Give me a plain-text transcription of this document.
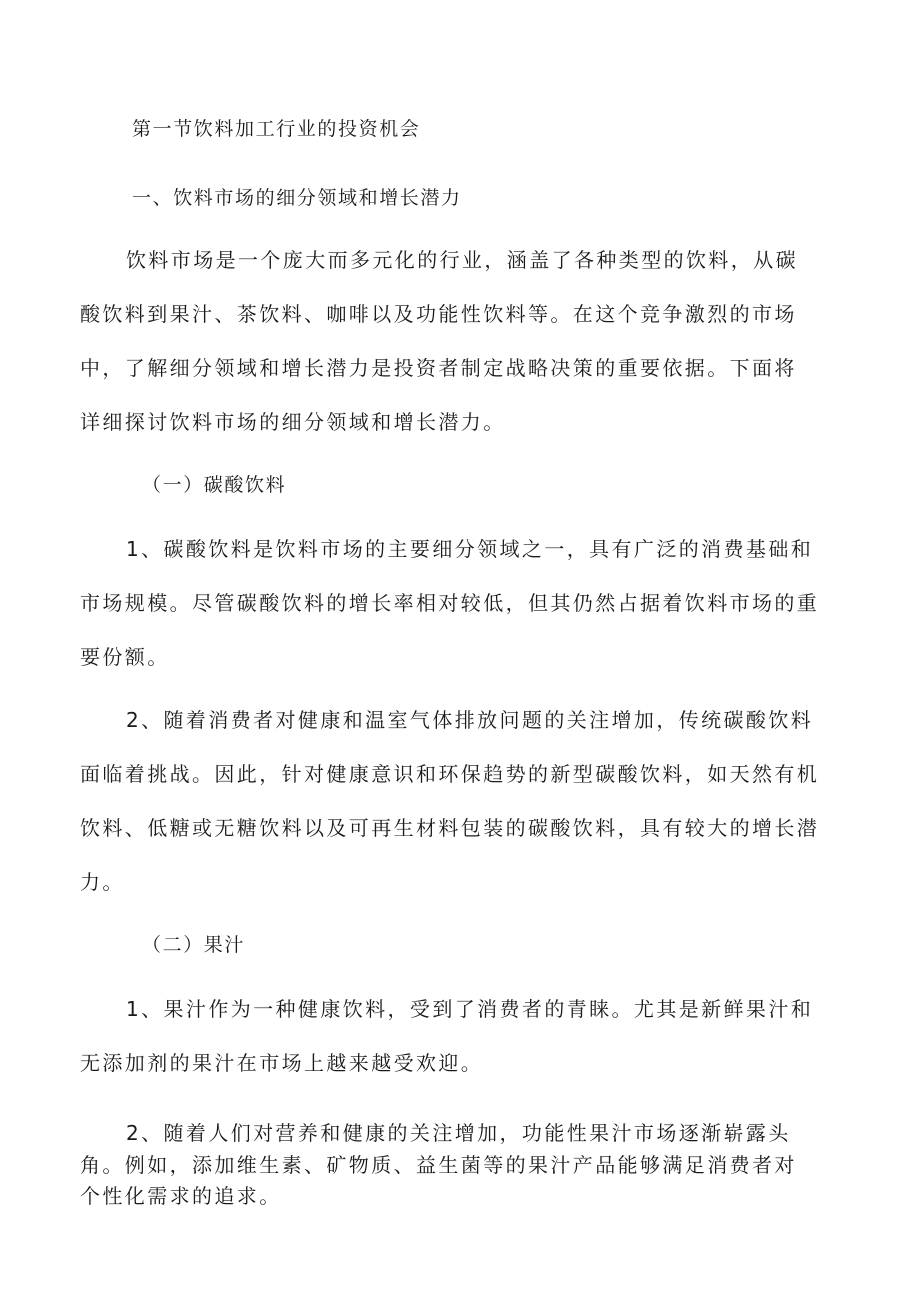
第一节饮料加工行业的投资机会
一、饮料市场的细分领域和增长潜力
饮料市场是一个庞大而多元化的行业，涵盖了各种类型的饮料，从碳
酸饮料到果汁、茶饮料、咖啡以及功能性饮料等。在这个竞争激烈的市场
中，了解细分领域和增长潜力是投资者制定战略决策的重要依据。下面将
详细探讨饮料市场的细分领域和增长潜力。
（一）碳酸饮料
1、碳酸饮料是饮料市场的主要细分领域之一，具有广泛的消费基础和
市场规模。尽管碳酸饮料的增长率相对较低，但其仍然占据着饮料市场的重
要份额。
2、随着消费者对健康和温室气体排放问题的关注增加，传统碳酸饮料
面临着挑战。因此，针对健康意识和环保趋势的新型碳酸饮料，如天然有机
饮料、低糖或无糖饮料以及可再生材料包装的碳酸饮料，具有较大的增长潜
力。
（二）果汁
1、果汁作为一种健康饮料，受到了消费者的青睐。尤其是新鲜果汁和
无添加剂的果汁在市场上越来越受欢迎。
2、随着人们对营养和健康的关注增加，功能性果汁市场逐渐崭露头
角。例如，添加维生素、矿物质、益生菌等的果汁产品能够满足消费者对
个性化需求的追求。
